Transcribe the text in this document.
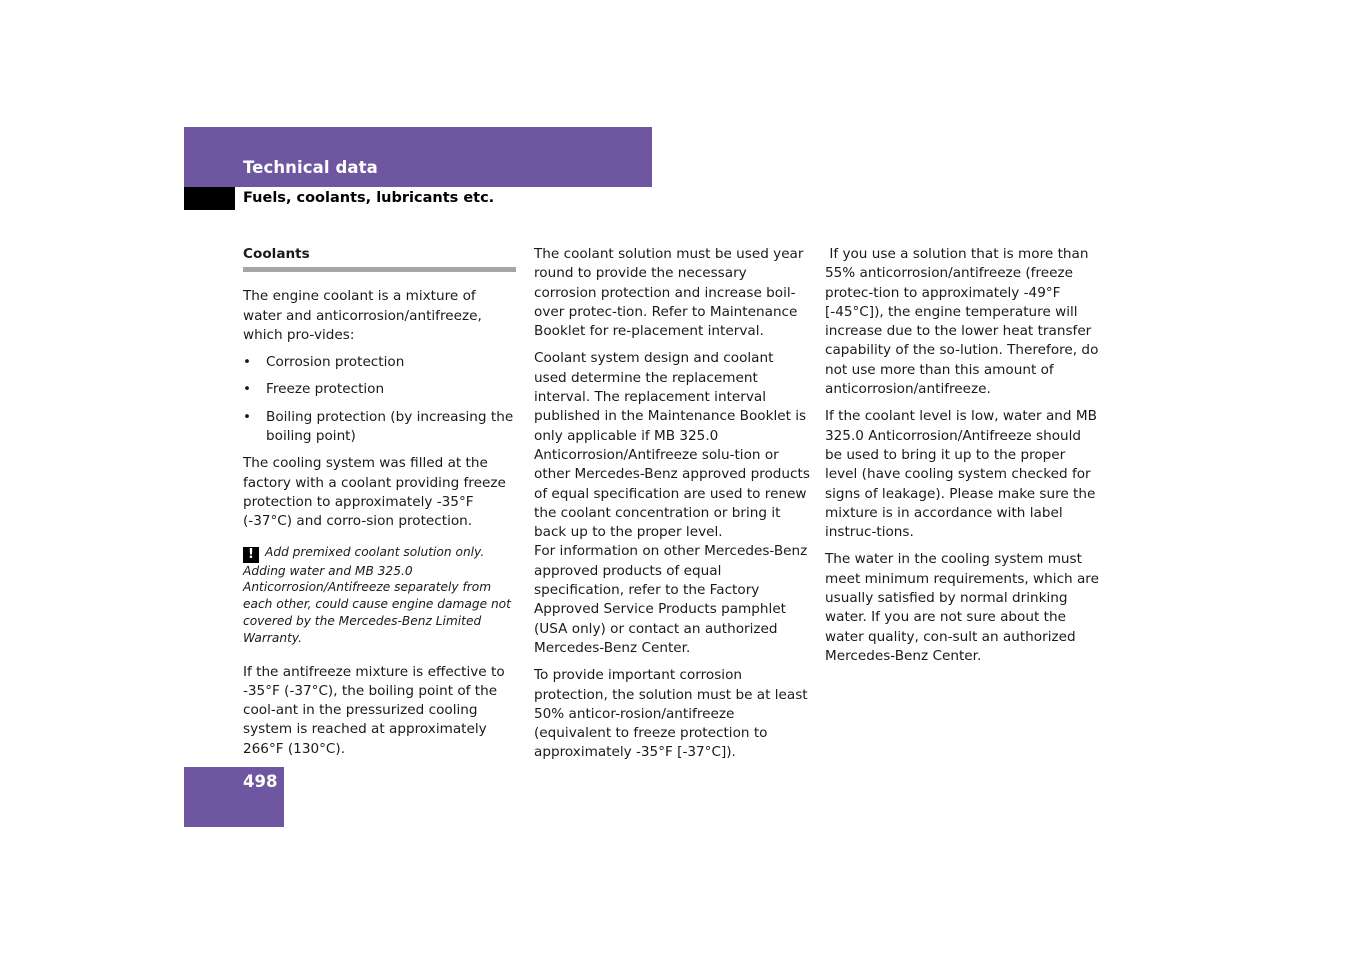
Technical data
Fuels, coolants, lubricants etc.
Coolants

The engine coolant is a mixture of water and anticorrosion/antifreeze, which pro-vides:

• Corrosion protection
• Freeze protection
• Boiling protection (by increasing the boiling point)

The cooling system was filled at the factory with a coolant providing freeze protection to approximately -35°F (-37°C) and corro-sion protection.

! Add premixed coolant solution only. Adding water and MB 325.0 Anticorrosion/Antifreeze separately from each other, could cause engine damage not covered by the Mercedes-Benz Limited Warranty.

If the antifreeze mixture is effective to -35°F (-37°C), the boiling point of the cool-ant in the pressurized cooling system is reached at approximately 266°F (130°C).

The coolant solution must be used year round to provide the necessary corrosion protection and increase boil-over protec-tion. Refer to Maintenance Booklet for re-placement interval.

Coolant system design and coolant used determine the replacement interval. The replacement interval published in the Maintenance Booklet is only applicable if MB 325.0 Anticorrosion/Antifreeze solu-tion or other Mercedes-Benz approved products of equal specification are used to renew the coolant concentration or bring it back up to the proper level.

For information on other Mercedes-Benz approved products of equal specification, refer to the Factory Approved Service Products pamphlet (USA only) or contact an authorized Mercedes-Benz Center.

To provide important corrosion protection, the solution must be at least 50% anticor-rosion/antifreeze (equivalent to freeze protection to approximately -35°F [-37°C]).

If you use a solution that is more than 55% anticorrosion/antifreeze (freeze protec-tion to approximately -49°F [-45°C]), the engine temperature will increase due to the lower heat transfer capability of the so-lution. Therefore, do not use more than this amount of anticorrosion/antifreeze.

If the coolant level is low, water and MB 325.0 Anticorrosion/Antifreeze should be used to bring it up to the proper level (have cooling system checked for signs of leakage). Please make sure the mixture is in accordance with label instruc-tions.

The water in the cooling system must meet minimum requirements, which are usually satisfied by normal drinking water. If you are not sure about the water quality, con-sult an authorized Mercedes-Benz Center.

498
